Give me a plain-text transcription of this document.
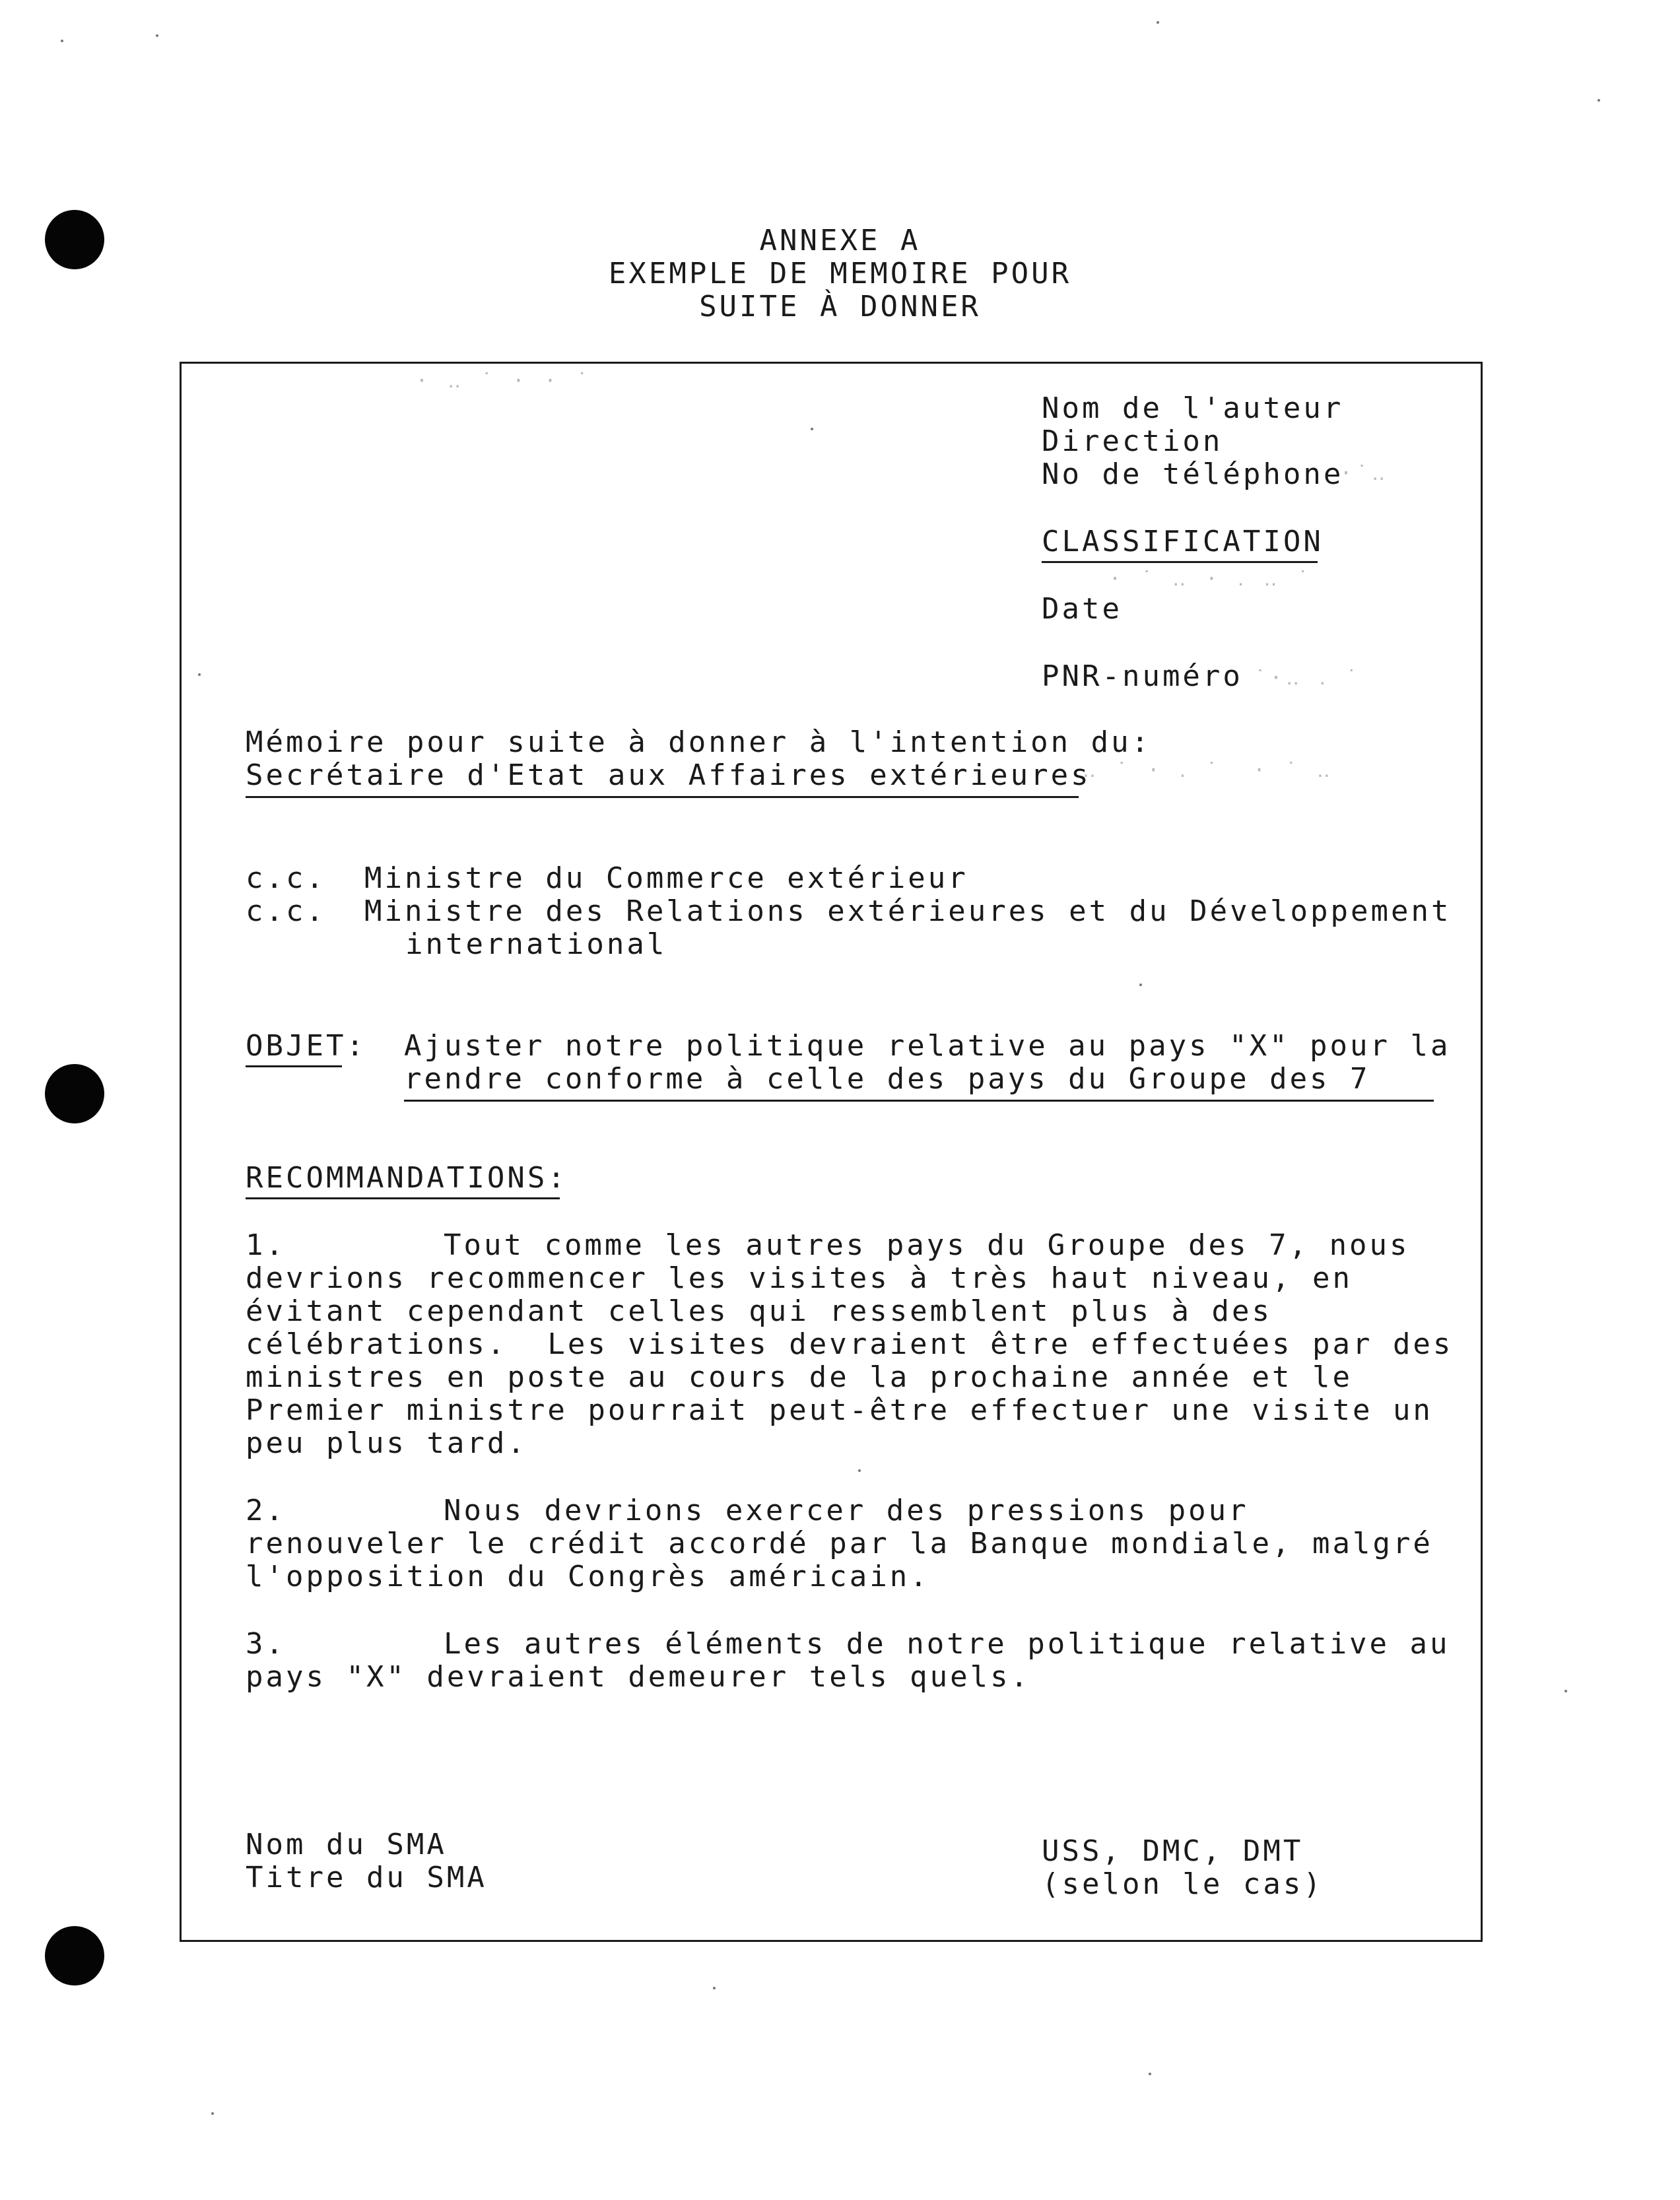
ANNEXE A
EXEMPLE DE MEMOIRE POUR
SUITE À DONNER
· ‥ ˙ · · ˙
·˙‥
· ˙ ‥ · ․ ‥ ˙
˙·‥ ․ ˙
‥ ˙ · ․ ˙  · ˙ ‥
Nom de l'auteur
Direction
No de téléphone
CLASSIFICATION
Date
PNR-numéro
Mémoire pour suite à donner à l'intention du:
Secrétaire d'Etat aux Affaires extérieures
c.c. Ministre du Commerce extérieur
c.c. Ministre des Relations extérieures et du Développement
international
OBJET: Ajuster notre politique relative au pays "X" pour la
rendre conforme à celle des pays du Groupe des 7
RECOMMANDATIONS:
1.	Tout comme les autres pays du Groupe des 7, nous
devrions recommencer les visites à très haut niveau, en
évitant cependant celles qui ressemblent plus à des
célébrations.  Les visites devraient être effectuées par des
ministres en poste au cours de la prochaine année et le
Premier ministre pourrait peut-être effectuer une visite un
peu plus tard.
2.	Nous devrions exercer des pressions pour
renouveler le crédit accordé par la Banque mondiale, malgré
l'opposition du Congrès américain.
3.	Les autres éléments de notre politique relative au
pays "X" devraient demeurer tels quels.
Nom du SMA
Titre du SMA
USS, DMC, DMT
(selon le cas)
